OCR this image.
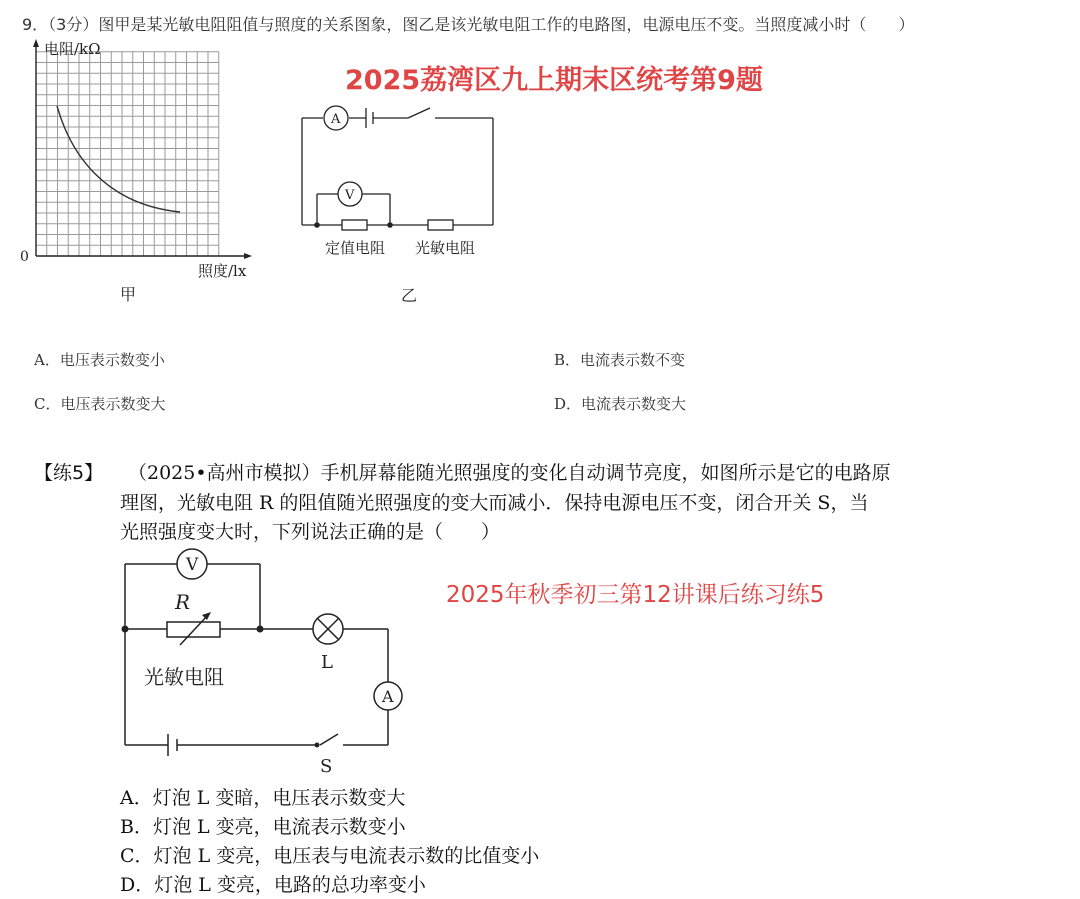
9．（3分）图甲是某光敏电阻阻值与照度的关系图象，图乙是该光敏电阻工作的电路图，电源电压不变。当照度减小时（　　）
电阻/kΩ
0
照度/lx
甲
A
V
定值电阻 光敏电阻
乙
2025荔湾区九上期末区统考第9题
A．电压表示数变小	B．电流表示数不变
C．电压表示数变大	D．电流表示数变大
【练5】 （2025•高州市模拟）手机屏幕能随光照强度的变化自动调节亮度，如图所示是它的电路原
理图，光敏电阻 R 的阻值随光照强度的变大而减小．保持电源电压不变，闭合开关 S，当
光照强度变大时，下列说法正确的是（　　）
2025年秋季初三第12讲课后练习练5
V
R
光敏电阻
L
A
S
A．灯泡 L 变暗，电压表示数变大
B．灯泡 L 变亮，电流表示数变小
C．灯泡 L 变亮，电压表与电流表示数的比值变小
D．灯泡 L 变亮，电路的总功率变小
